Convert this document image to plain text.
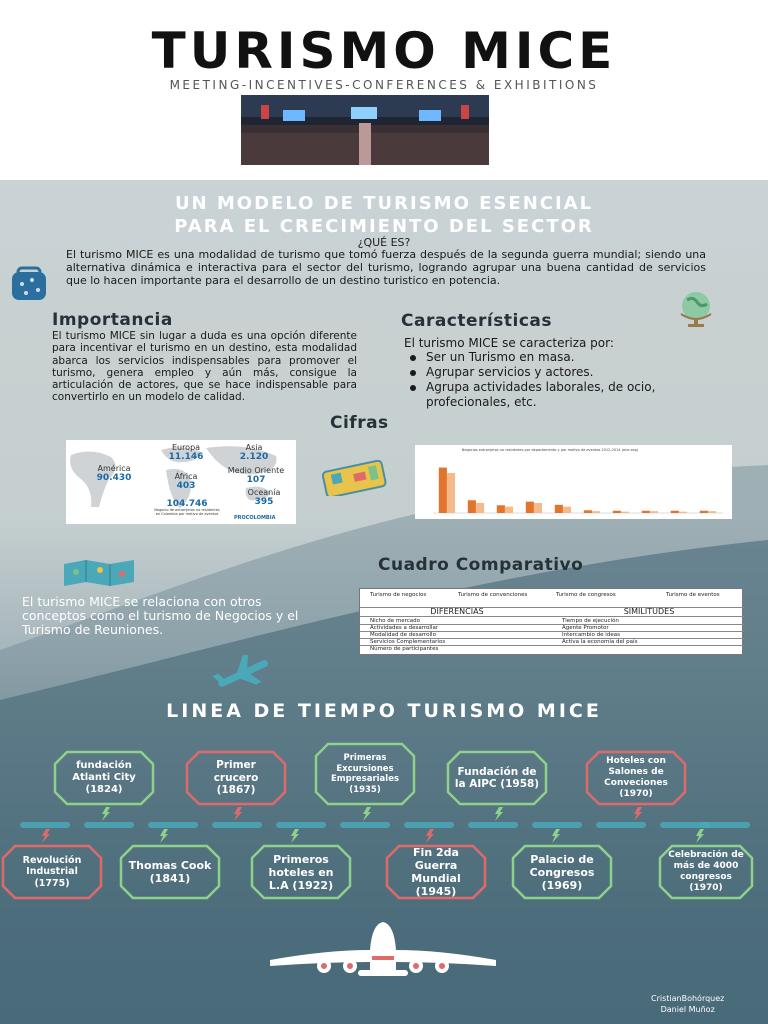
TURISMO MICE
MEETING-INCENTIVES-CONFERENCES & EXHIBITIONS
UN MODELO DE TURISMO ESENCIAL
PARA EL CRECIMIENTO DEL SECTOR
¿QUÉ ES?
El turismo MICE es una modalidad de turismo que tomó fuerza después de la segunda guerra mundial; siendo una alternativa dinámica e interactiva para el sector del turismo, logrando agrupar una buena cantidad de servicios que lo hacen importante para el desarrollo de un destino turistico en potencia.
Importancia
El turismo MICE sin lugar a duda es una opción diferente para incentivar el turismo en un destino, esta modalidad abarca los servicios indispensables para promover el turismo, genera empleo y aún más, consigue la articulación de actores, que se hace indispensable para convertirlo en un modelo de calidad.
Características
El turismo MICE se caracteriza por:
Ser un Turismo en masa.
Agrupar servicios y actores.
Agrupa actividades laborales, de ocio, profecionales, etc.
Cifras
Europa
11.146
Asia
2.120
América
90.430
Medio Oriente
107
África
403
Oceanía
395
104.746
Negocio de extranjeros no residentes en Colombia por motivo de eventos
PROCOLOMBIA
Negocios extranjeros no residentes por departamento y por motivo de eventos 2012-2014 (ene-sep)
Cuadro Comparativo
El turismo MICE se relaciona con otros conceptos como el turismo de Negocios y el Turismo de Reuniones.
Turismo de negocios	Turismo de convenciones	Turismo de congresos	Turismo de eventos
DIFERENCIAS	SIMILITUDES
Nicho de mercado	Tiempo de ejecución
Actividades a desarrollar	Agente Promotor
Modalidad de desarrollo	Intercambio de ideas
Servicios Complementarios	Activa la economía del país
Número de participantes
LINEA DE TIEMPO TURISMO MICE
fundación Atlanti City (1824)
Primer crucero (1867)
Primeras Excursiones Empresariales (1935)
Fundación de la AIPC (1958)
Hoteles con Salones de Conveciones (1970)
Revolución Industrial (1775)
Thomas Cook (1841)
Primeros hoteles en L.A (1922)
Fin 2da Guerra Mundial (1945)
Palacio de Congresos (1969)
Celebración de más de 4000 congresos (1970)
CristianBohórquez
Daniel Muñoz
